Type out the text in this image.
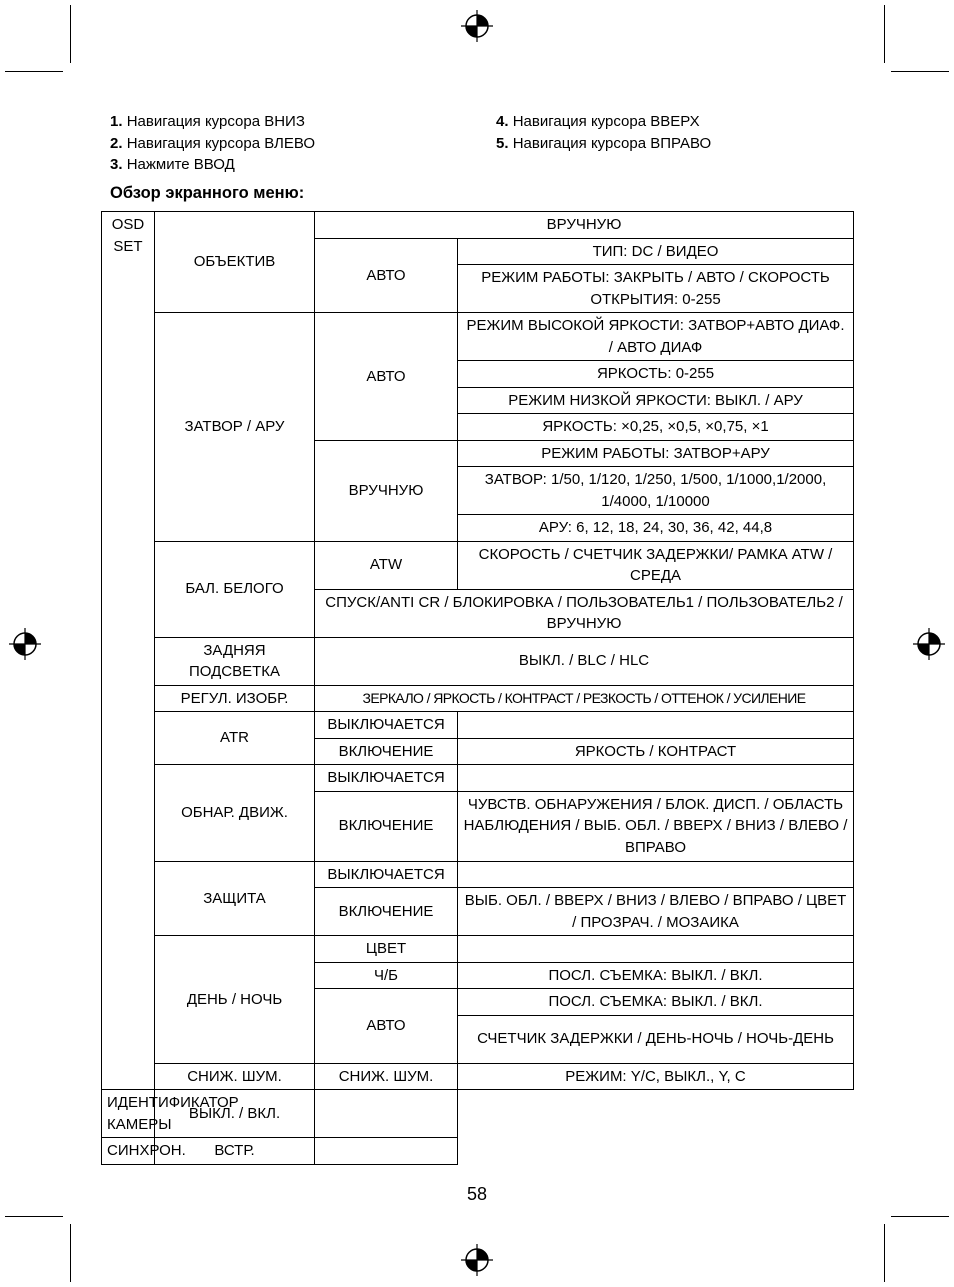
1. Навигация курсора ВНИЗ
2. Навигация курсора ВЛЕВО
3. Нажмите ВВОД
4. Навигация курсора ВВЕРХ
5. Навигация курсора ВПРАВО
Обзор экранного меню:
OSD
SET	ОБЪЕКТИВ	ВРУЧНУЮ	
		АВТО	ТИП: DC / ВИДЕО
			РЕЖИМ РАБОТЫ: ЗАКРЫТЬ / АВТО / СКОРОСТЬ ОТКРЫТИЯ: 0-255
	ЗАТВОР / АРУ	АВТО	РЕЖИМ ВЫСОКОЙ ЯРКОСТИ: ЗАТВОР+АВТО ДИАФ. / АВТО ДИАФ
			ЯРКОСТЬ: 0-255
			РЕЖИМ НИЗКОЙ ЯРКОСТИ: ВЫКЛ. / АРУ
			ЯРКОСТЬ: ×0,25, ×0,5, ×0,75, ×1
		ВРУЧНУЮ	РЕЖИМ РАБОТЫ: ЗАТВОР+АРУ
			ЗАТВОР: 1/50, 1/120, 1/250, 1/500, 1/1000,1/2000, 1/4000, 1/10000
			АРУ: 6, 12, 18, 24, 30, 36, 42, 44,8
	БАЛ. БЕЛОГО	ATW	СКОРОСТЬ / СЧЕТЧИК ЗАДЕРЖКИ/ РАМКА ATW / СРЕДА
		СПУСК/ANTI CR / БЛОКИРОВКА / ПОЛЬЗОВАТЕЛЬ1 / ПОЛЬЗОВАТЕЛЬ2 / ВРУЧНУЮ	
	ЗАДНЯЯ ПОДСВЕТКА	ВЫКЛ. / BLC / HLC	
	РЕГУЛ. ИЗОБР.	ЗЕРКАЛО / ЯРКОСТЬ / КОНТРАСТ / РЕЗКОСТЬ / ОТТЕНОК / УСИЛЕНИЕ	
	ATR	ВЫКЛЮЧАЕТСЯ	
		ВКЛЮЧЕНИЕ	ЯРКОСТЬ / КОНТРАСТ
	ОБНАР. ДВИЖ.	ВЫКЛЮЧАЕТСЯ	
		ВКЛЮЧЕНИЕ	ЧУВСТВ. ОБНАРУЖЕНИЯ / БЛОК. ДИСП. / ОБЛАСТЬ НАБЛЮДЕНИЯ / ВЫБ. ОБЛ. / ВВЕРХ / ВНИЗ / ВЛЕВО / ВПРАВО
	ЗАЩИТА	ВЫКЛЮЧАЕТСЯ	
		ВКЛЮЧЕНИЕ	ВЫБ. ОБЛ. / ВВЕРХ / ВНИЗ / ВЛЕВО / ВПРАВО / ЦВЕТ / ПРОЗРАЧ. / МОЗАИКА
	ДЕНЬ / НОЧЬ	ЦВЕТ	
		Ч/Б	ПОСЛ. СЪЕМКА: ВЫКЛ. / ВКЛ.
		АВТО	ПОСЛ. СЪЕМКА: ВЫКЛ. / ВКЛ.
			СЧЕТЧИК ЗАДЕРЖКИ / ДЕНЬ-НОЧЬ / НОЧЬ-ДЕНЬ
	СНИЖ. ШУМ.	СНИЖ. ШУМ.	РЕЖИМ: Y/C, ВЫКЛ., Y, C
ИДЕНТИФИКАТОР КАМЕРЫ	ВЫКЛ. / ВКЛ.		
СИНХРОН.	ВСТР.		
58
